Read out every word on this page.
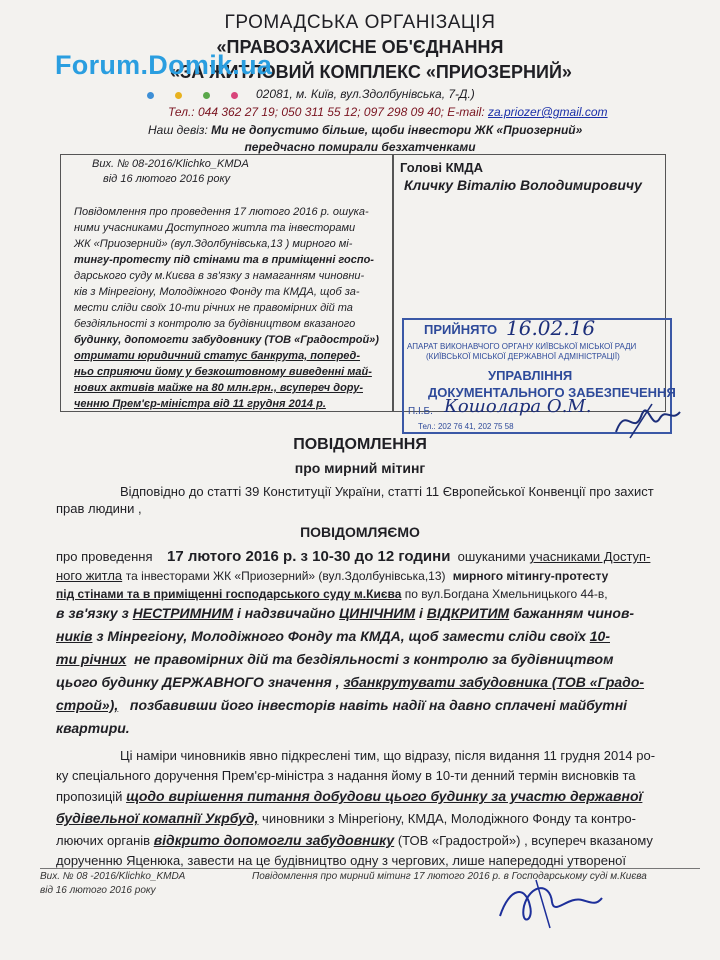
ГРОМАДСЬКА ОРГАНІЗАЦІЯ
«ПРАВОЗАХИСНЕ ОБ'ЄДНАННЯ
«ЗА ЖИТЛОВИЙ КОМПЛЕКС «ПРИОЗЕРНИЙ»
Forum.Domik.ua
02081, м. Київ, вул.Здолбунівська, 7-Д.)
Тел.: 044 362 27 19; 050 311 55 12; 097 298 09 40; E-mail: za.priozer@gmail.com
Наш девіз: Ми не допустимо більше, щоби інвестори ЖК «Приозерний»
передчасно помирали безхатченками
Вих. № 08-2016/Klichko_KMDA
від 16 лютого 2016 року
Повідомлення про проведення 17 лютого 2016 р. ошука-
ними учасниками Доступного житла та інвесторами
ЖК «Приозерний» (вул.Здолбунівська,13 ) мирного мі-
тингу-протесту під стінами та в приміщенні госпо-
дарського суду м.Києва в зв'язку з намаганням чиновни-
ків з Мінрегіону, Молодіжного Фонду та КМДА, щоб за-
мести сліди своїх 10-ти річних не правомірних дій та
бездіяльності з контролю за будівництвом вказаного
будинку, допомогти забудовнику (ТОВ «Градострой»)
отримати юридичний статус банкрута, поперед-
ньо сприяючи йому у безкоштовному виведенні май-
нових активів майже на 80 млн.грн., всупереч дору-
ченню Прем'єр-міністра від 11 грудня 2014 р.
Голові КМДА
Кличку Віталію Володимировичу
ПРИЙНЯТО 16.02.16
АПАРАТ ВИКОНАВЧОГО ОРГАНУ КИЇВСЬКОЇ МІСЬКОЇ РАДИ
(КИЇВСЬКОЇ МІСЬКОЇ ДЕРЖАВНОЇ АДМІНІСТРАЦІЇ)
УПРАВЛІННЯ
ДОКУМЕНТАЛЬНОГО ЗАБЕЗПЕЧЕННЯ
П.І.Б. Кошолара О.М.
Тел.: 202 76 41, 202 75 58
ПОВІДОМЛЕННЯ
про мирний мітинг
Відповідно до статті 39 Конституції України, статті 11 Європейської Конвенції про захист
прав людини ,
ПОВІДОМЛЯЄМО
про проведення 17 лютого 2016 р. з 10-30 до 12 години ошуканими учасниками Доступ-
ного житла та інвесторами ЖК «Приозерний» (вул.Здолбунівська,13) мирного мітингу-протесту
під стінами та в приміщенні господарського суду м.Києва по вул.Богдана Хмельницького 44-в,
в зв'язку з НЕСТРИМНИМ і надзвичайно ЦИНІЧНИМ і ВІДКРИТИМ бажанням чинов-
ників з Мінрегіону, Молодіжного Фонду та КМДА, щоб замести сліди своїх 10-
ти річних не правомірних дій та бездіяльності з контролю за будівництвом
цього будинку ДЕРЖАВНОГО значення , збанкрутувати забудовника (ТОВ «Градо-
строй»), позбавивши його інвесторів навіть надії на давно сплачені майбутні
квартири.
Ці наміри чиновників явно підкреслені тим, що відразу, після видання 11 грудня 2014 ро-
ку спеціального доручення Прем'єр-міністра з надання йому в 10-ти денний термін висновків та
пропозицій щодо вирішення питання добудови цього будинку за участю державної
будівельної комапнії Укрбуд, чиновники з Мінрегіону, КМДА, Молодіжного Фонду та контро-
люючих органів відкрито допомогли забудовнику (ТОВ «Градострой») , всупереч вказаному
дорученню Яценюка, завести на це будівництво одну з чергових, лише напередодні утвореної
Вих. № 08 -2016/Klichko_KMDA
від 16 лютого 2016 року
Повідомлення про мирний мітинг 17 лютого 2016 р. в Господарському суді м.Києва
